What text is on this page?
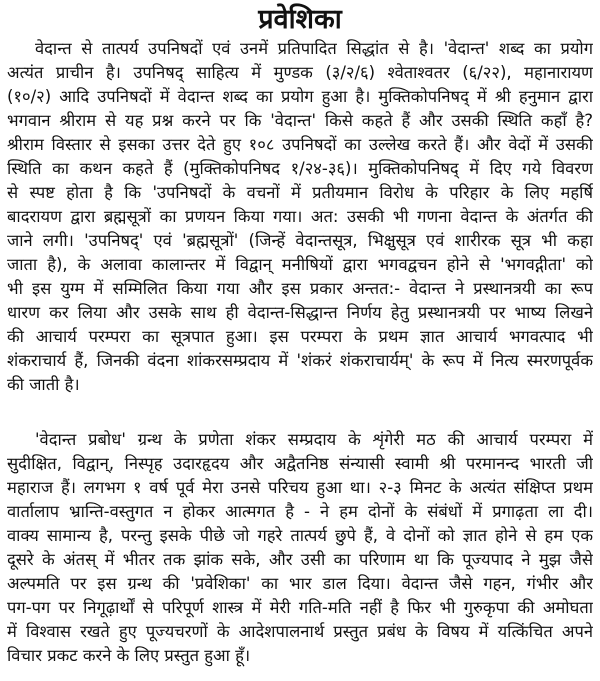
प्रवेशिका
वेदान्त से तात्पर्य उपनिषदों एवं उनमें प्रतिपादित सिद्धांत से है। 'वेदान्त' शब्द का प्रयोग
अत्यंत प्राचीन है। उपनिषद् साहित्य में मुण्डक (३/२/६) श्वेताश्वतर (६/२२), महानारायण
(१०/२) आदि उपनिषदों में वेदान्त शब्द का प्रयोग हुआ है। मुक्तिकोपनिषद् में श्री हनुमान द्वारा
भगवान श्रीराम से यह प्रश्न करने पर कि 'वेदान्त' किसे कहते हैं और उसकी स्थिति कहाँ है?
श्रीराम विस्तार से इसका उत्तर देते हुए १०८ उपनिषदों का उल्लेख करते हैं। और वेदों में उसकी
स्थिति का कथन कहते हैं (मुक्तिकोपनिषद १/२४-३६)। मुक्तिकोपनिषद् में दिए गये विवरण
से स्पष्ट होता है कि 'उपनिषदों के वचनों में प्रतीयमान विरोध के परिहार के लिए महर्षि
बादरायण द्वारा ब्रह्मसूत्रों का प्रणयन किया गया। अत: उसकी भी गणना वेदान्त के अंतर्गत की
जाने लगी। 'उपनिषद्' एवं 'ब्रह्मसूत्रों' (जिन्हें वेदान्तसूत्र, भिक्षुसूत्र एवं शारीरक सूत्र भी कहा
जाता है), के अलावा कालान्तर में विद्वान् मनीषियों द्वारा भगवद्वचन होने से 'भगवद्गीता' को
भी इस युग्म में सम्मिलित किया गया और इस प्रकार अन्तत:- वेदान्त ने प्रस्थानत्रयी का रूप
धारण कर लिया और उसके साथ ही वेदान्त-सिद्धान्त निर्णय हेतु प्रस्थानत्रयी पर भाष्य लिखने
की आचार्य परम्परा का सूत्रपात हुआ। इस परम्परा के प्रथम ज्ञात आचार्य भगवत्पाद भी
शंकराचार्य हैं, जिनकी वंदना शांकरसम्प्रदाय में 'शंकरं शंकराचार्यम्' के रूप में नित्य स्मरणपूर्वक
की जाती है।
'वेदान्त प्रबोध' ग्रन्थ के प्रणेता शंकर सम्प्रदाय के शृंगेरी मठ की आचार्य परम्परा में
सुदीक्षित, विद्वान्, निस्पृह उदारहृदय और अद्वैतनिष्ठ संन्यासी स्वामी श्री परमानन्द भारती जी
महाराज हैं। लगभग १ वर्ष पूर्व मेरा उनसे परिचय हुआ था। २-३ मिनट के अत्यंत संक्षिप्त प्रथम
वार्तालाप भ्रान्ति-वस्तुगत न होकर आत्मगत है - ने हम दोनों के संबंधों में प्रगाढ़ता ला दी।
वाक्य सामान्य है, परन्तु इसके पीछे जो गहरे तात्पर्य छुपे हैं, वे दोनों को ज्ञात होने से हम एक
दूसरे के अंतस् में भीतर तक झांक सके, और उसी का परिणाम था कि पूज्यपाद ने मुझ जैसे
अल्पमति पर इस ग्रन्थ की 'प्रवेशिका' का भार डाल दिया। वेदान्त जैसे गहन, गंभीर और
पग-पग पर निगूढ़ार्थों से परिपूर्ण शास्त्र में मेरी गति-मति नहीं है फिर भी गुरुकृपा की अमोघता
में विश्वास रखते हुए पूज्यचरणों के आदेशपालनार्थ प्रस्तुत प्रबंध के विषय में यत्किंचित अपने
विचार प्रकट करने के लिए प्रस्तुत हुआ हूँ।
